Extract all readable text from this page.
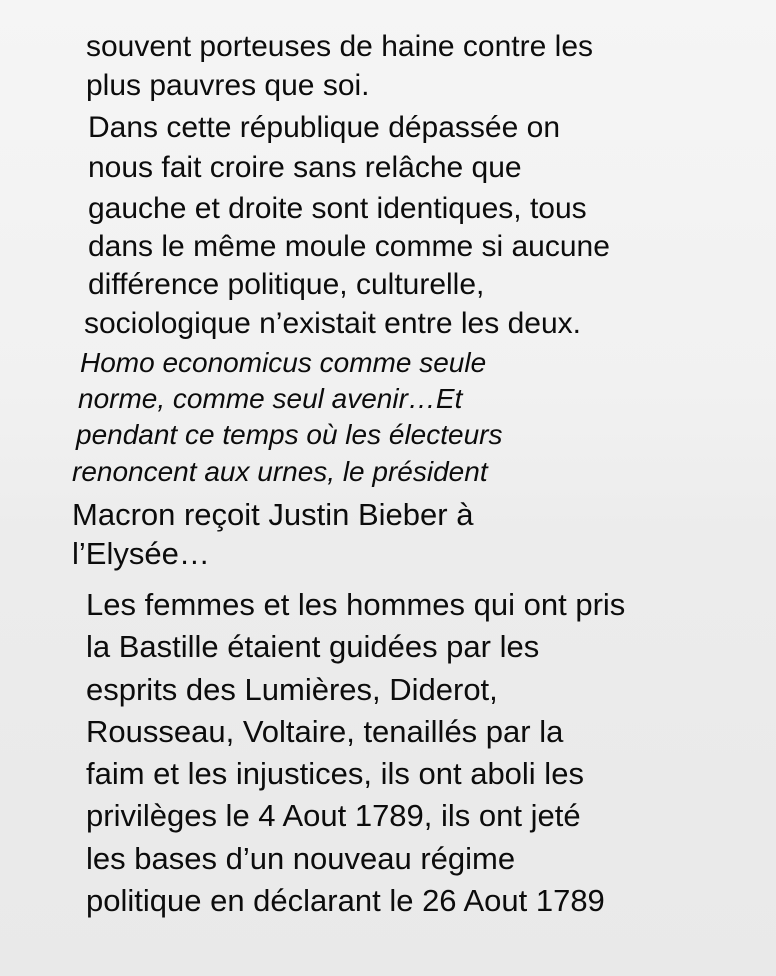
souvent porteuses de haine contre les
plus pauvres que soi.
Dans cette république dépassée on
nous fait croire sans relâche que
gauche et droite sont identiques, tous
dans le même moule comme si aucune
différence politique, culturelle,
sociologique n’existait entre les deux.
Homo economicus comme seule
norme, comme seul avenir…Et
pendant ce temps où les électeurs
renoncent aux urnes, le président
Macron reçoit Justin Bieber à
l’Elysée…
Les femmes et les hommes qui ont pris
la Bastille étaient guidées par les
esprits des Lumières, Diderot,
Rousseau, Voltaire, tenaillés par la
faim et les injustices, ils ont aboli les
privilèges le 4 Aout 1789, ils ont jeté
les bases d’un nouveau régime
politique en déclarant le 26 Aout 1789
